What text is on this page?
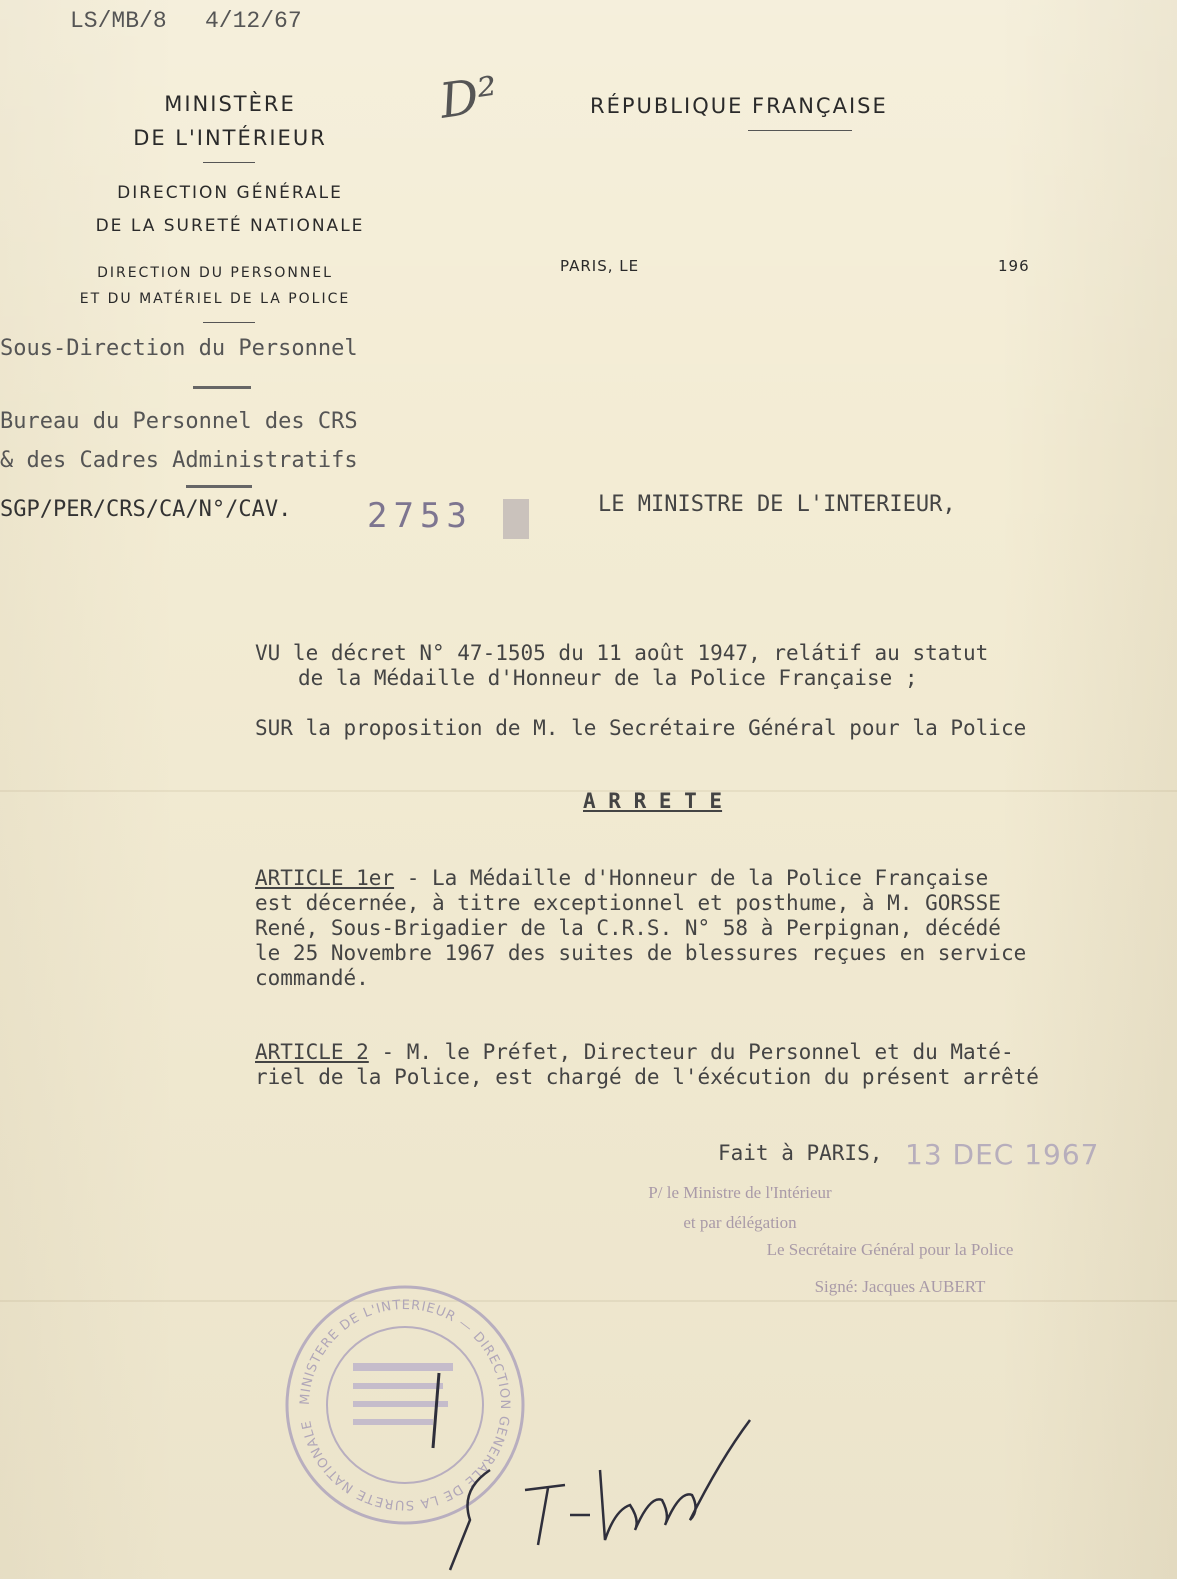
LS/MB/8 4/12/67
D²
MINISTÈRE
DE L'INTÉRIEUR
DIRECTION GÉNÉRALE
DE LA SURETÉ NATIONALE
DIRECTION DU PERSONNEL
ET DU MATÉRIEL DE LA POLICE
Sous-Direction du Personnel
Bureau du Personnel des CRS
& des Cadres Administratifs
SGP/PER/CRS/CA/N°/CAV. 2753
RÉPUBLIQUE FRANÇAISE
PARIS, LE	196
LE MINISTRE DE L'INTERIEUR,
VU le décret N° 47-1505 du 11 août 1947, relátif au statut
de la Médaille d'Honneur de la Police Française ;
SUR la proposition de M. le Secrétaire Général pour la Police
A R R E T E
ARTICLE 1er - La Médaille d'Honneur de la Police Française
est décernée, à titre exceptionnel et posthume, à M. GORSSE
René, Sous-Brigadier de la C.R.S. N° 58 à Perpignan, décédé
le 25 Novembre 1967 des suites de blessures reçues en service
commandé.
ARTICLE 2 - M. le Préfet, Directeur du Personnel et du Maté-
riel de la Police, est chargé de l'éxécution du présent arrêté
Fait à PARIS, 13 DEC 1967
P/ le Ministre de l'Intérieur
et par délégation
Le Secrétaire Général pour la Police
Signé: Jacques AUBERT
MINISTERE DE L'INTERIEUR — DIRECTION GENERALE DE LA SURETE NATIONALE
